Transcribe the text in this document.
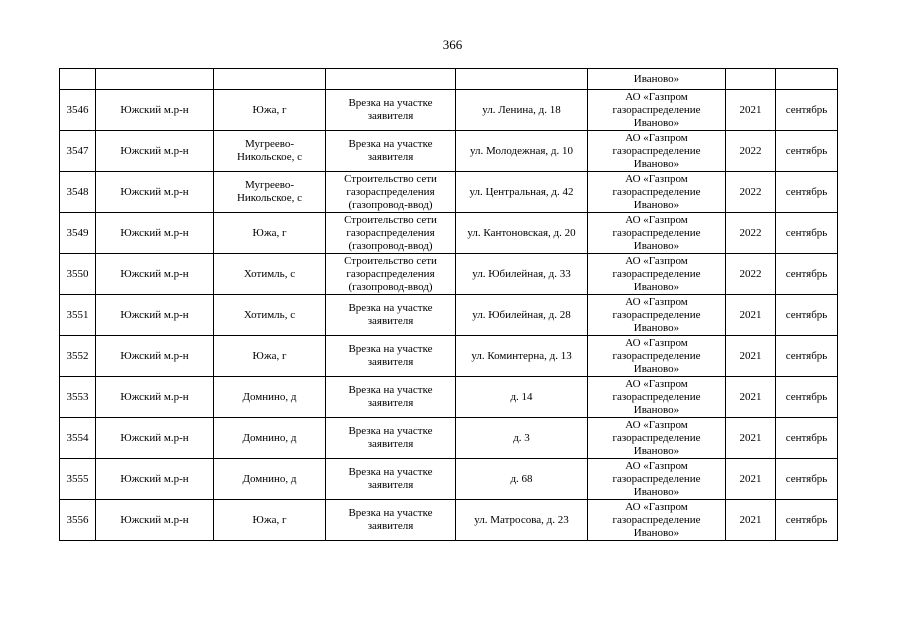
366
					Иваново»		
3546	Южский м.р-н	Южа, г	Врезка на участке
заявителя	ул. Ленина, д. 18	АО «Газпром
газораспределение
Иваново»	2021	сентябрь
3547	Южский м.р-н	Мугреево-
Никольское, с	Врезка на участке
заявителя	ул. Молодежная, д. 10	АО «Газпром
газораспределение
Иваново»	2022	сентябрь
3548	Южский м.р-н	Мугреево-
Никольское, с	Строительство сети
газораспределения
(газопровод-ввод)	ул. Центральная, д. 42	АО «Газпром
газораспределение
Иваново»	2022	сентябрь
3549	Южский м.р-н	Южа, г	Строительство сети
газораспределения
(газопровод-ввод)	ул. Кантоновская, д. 20	АО «Газпром
газораспределение
Иваново»	2022	сентябрь
3550	Южский м.р-н	Хотимль, с	Строительство сети
газораспределения
(газопровод-ввод)	ул. Юбилейная, д. 33	АО «Газпром
газораспределение
Иваново»	2022	сентябрь
3551	Южский м.р-н	Хотимль, с	Врезка на участке
заявителя	ул. Юбилейная, д. 28	АО «Газпром
газораспределение
Иваново»	2021	сентябрь
3552	Южский м.р-н	Южа, г	Врезка на участке
заявителя	ул. Коминтерна, д. 13	АО «Газпром
газораспределение
Иваново»	2021	сентябрь
3553	Южский м.р-н	Домнино, д	Врезка на участке
заявителя	д. 14	АО «Газпром
газораспределение
Иваново»	2021	сентябрь
3554	Южский м.р-н	Домнино, д	Врезка на участке
заявителя	д. 3	АО «Газпром
газораспределение
Иваново»	2021	сентябрь
3555	Южский м.р-н	Домнино, д	Врезка на участке
заявителя	д. 68	АО «Газпром
газораспределение
Иваново»	2021	сентябрь
3556	Южский м.р-н	Южа, г	Врезка на участке
заявителя	ул. Матросова, д. 23	АО «Газпром
газораспределение
Иваново»	2021	сентябрь
